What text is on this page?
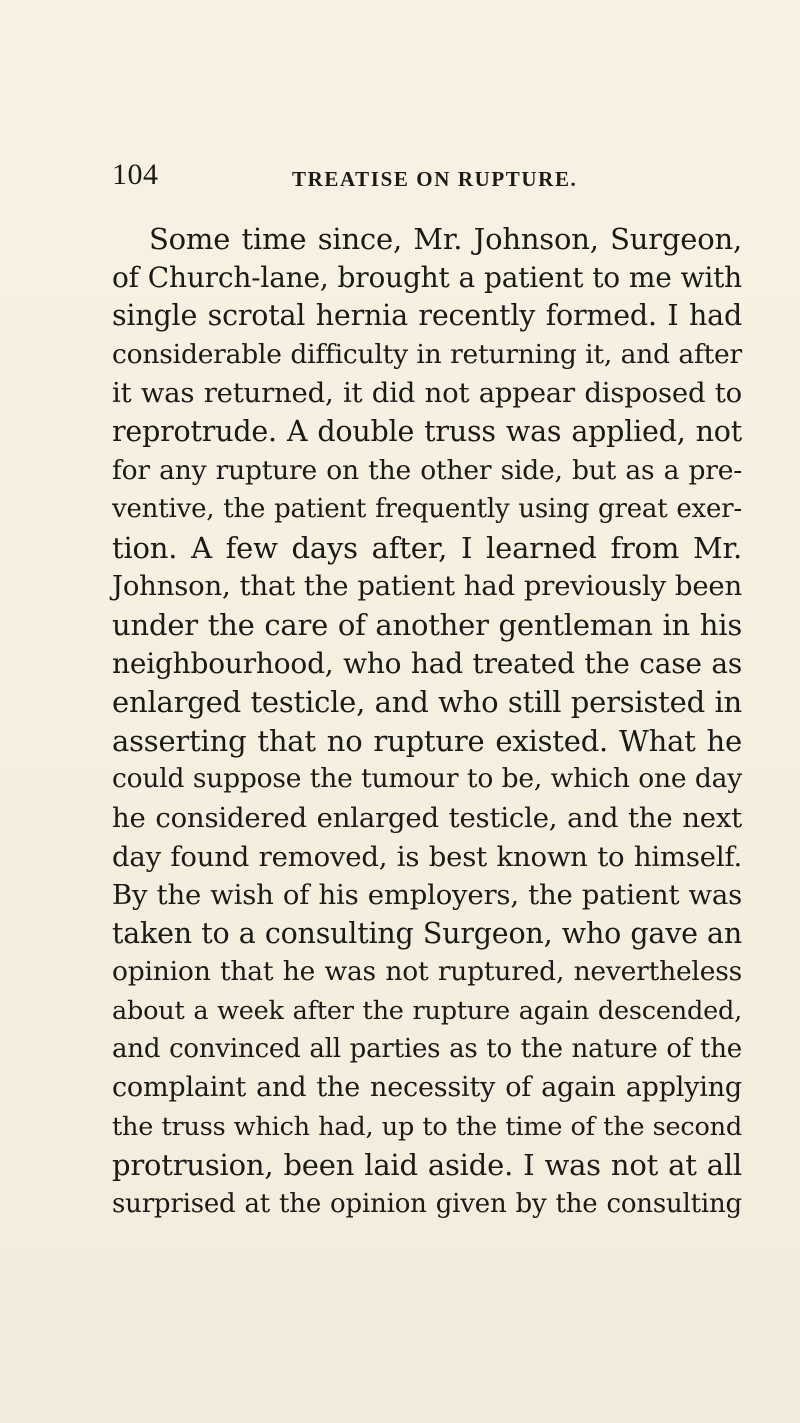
104	TREATISE ON RUPTURE.
Some time since, Mr. Johnson, Surgeon,
of Church-lane, brought a patient to me with
single scrotal hernia recently formed. I had
considerable difficulty in returning it, and after
it was returned, it did not appear disposed to
reprotrude. A double truss was applied, not
for any rupture on the other side, but as a pre-
ventive, the patient frequently using great exer-
tion. A few days after, I learned from Mr.
Johnson, that the patient had previously been
under the care of another gentleman in his
neighbourhood, who had treated the case as
enlarged testicle, and who still persisted in
asserting that no rupture existed. What he
could suppose the tumour to be, which one day
he considered enlarged testicle, and the next
day found removed, is best known to himself.
By the wish of his employers, the patient was
taken to a consulting Surgeon, who gave an
opinion that he was not ruptured, nevertheless
about a week after the rupture again descended,
and convinced all parties as to the nature of the
complaint and the necessity of again applying
the truss which had, up to the time of the second
protrusion, been laid aside. I was not at all
surprised at the opinion given by the consulting
